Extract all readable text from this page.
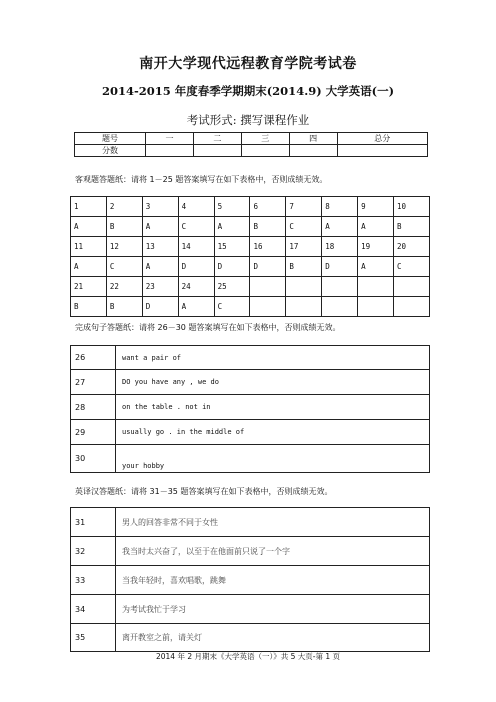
南开大学现代远程教育学院考试卷
2014-2015 年度春季学期期末(2014.9) 大学英语(一)
考试形式: 撰写课程作业
题号	一	二	三	四	总分
分数					
客观题答题纸：请将 1－25 题答案填写在如下表格中，否则成绩无效。
1	2	3	4	5	6	7	8	9	10
A	B	A	C	A	B	C	A	A	B
11	12	13	14	15	16	17	18	19	20
A	C	A	D	D	D	B	D	A	C
21	22	23	24	25					
B	B	D	A	C					
完成句子答题纸：请将 26－30 题答案填写在如下表格中，否则成绩无效。
26	want a pair of
27	DO you have any , we do
28	on the table . not in
29	usually go . in the middle of
30	your hobby
英译汉答题纸：请将 31－35 题答案填写在如下表格中，否则成绩无效。
31	男人的回答非常不同于女性
32	我当时太兴奋了，以至于在他面前只说了一个字
33	当我年轻时，喜欢唱歌，跳舞
34	为考试我忙于学习
35	离开教室之前，请关灯
2014 年 2 月期末《大学英语（一）》共 5 大页-第 1 页
